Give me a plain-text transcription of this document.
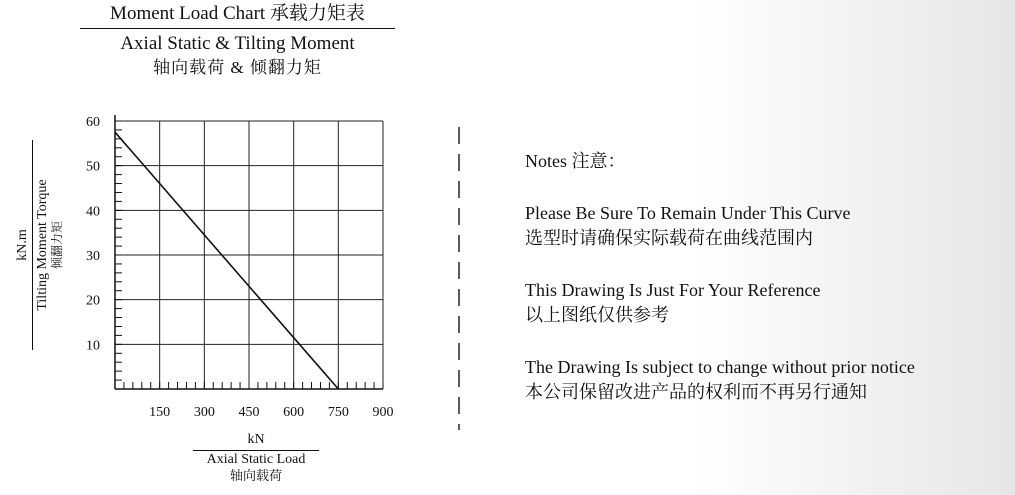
Moment Load Chart 承载力矩表
Axial Static & Tilting Moment
轴向载荷 & 倾翻力矩
kN.m Tilting Moment Torque 倾翻力矩
150 300 450 600 750 900
10
20
30
40
50
60
kN
Axial Static Load
轴向载荷
Notes 注意：
Please Be Sure To Remain Under This Curve
选型时请确保实际载荷在曲线范围内
This Drawing Is Just For Your Reference
以上图纸仅供参考
The Drawing Is subject to change without prior notice
本公司保留改进产品的权利而不再另行通知
